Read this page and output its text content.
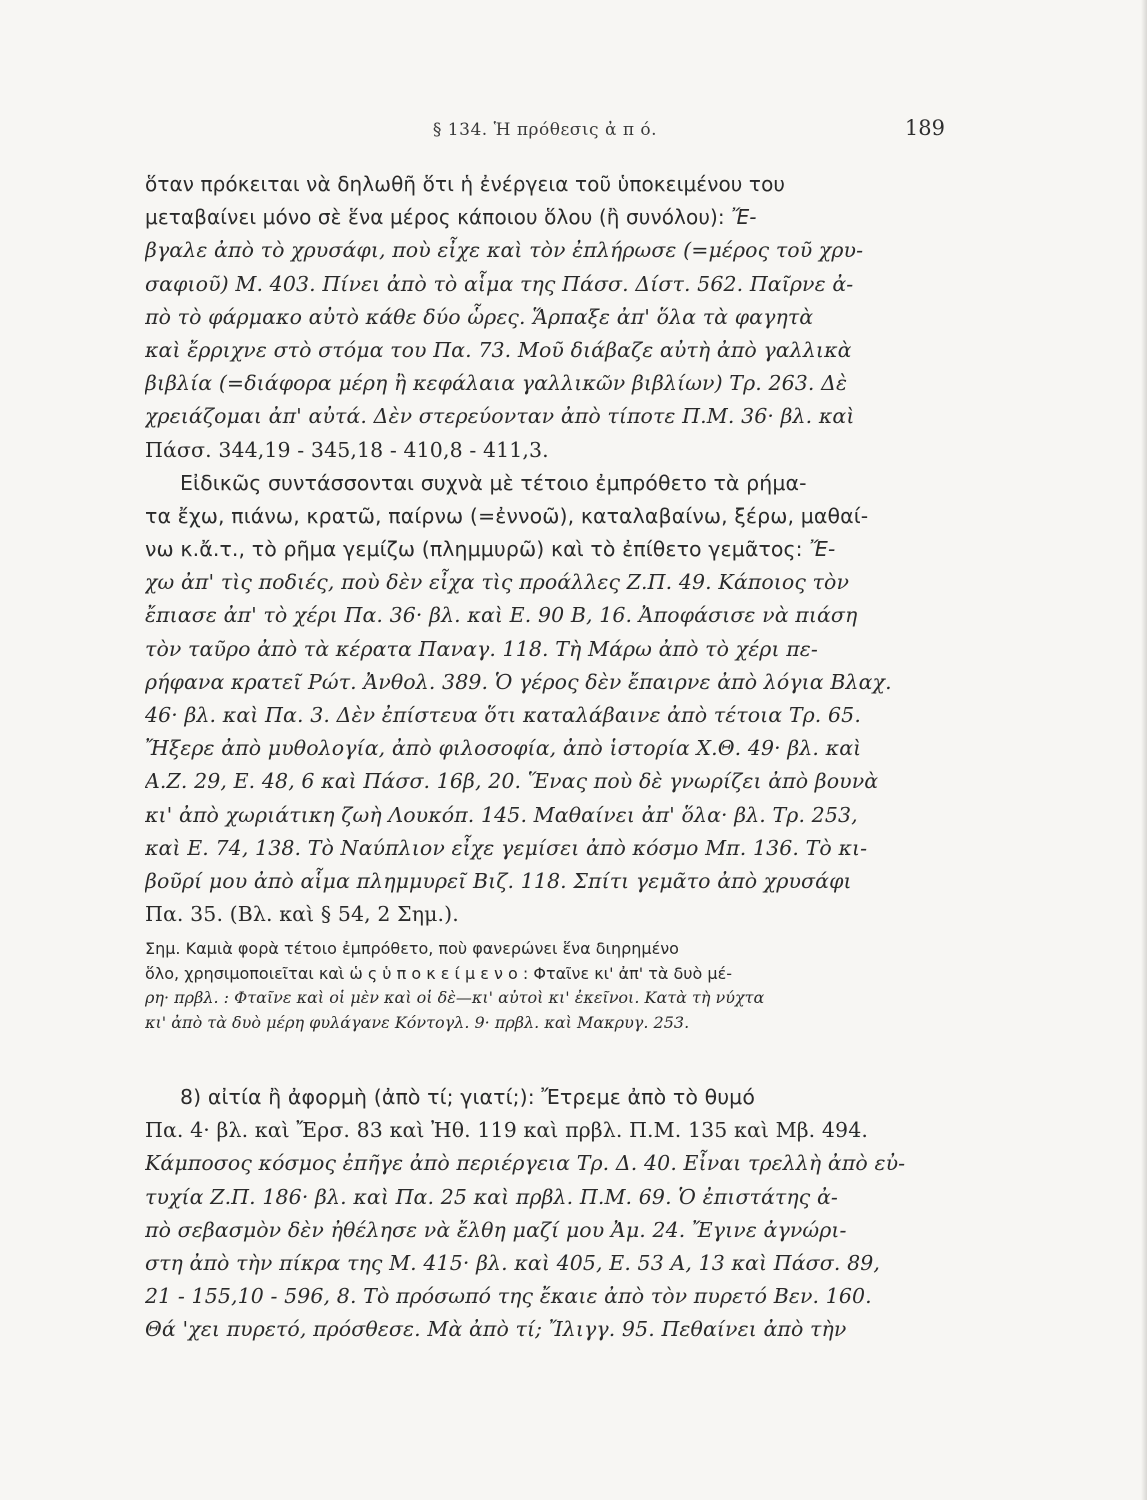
§ 134. Ἡ πρόθεσις ἀ π ό.	189
ὅταν πρόκειται νὰ δηλωθῆ ὅτι ἡ ἐνέργεια τοῦ ὑποκειμένου του
μεταβαίνει μόνο σὲ ἕνα μέρος κάποιου ὅλου (ἢ συνόλου): Ἔ-
βγαλε ἀπὸ τὸ χρυσάφι, ποὺ εἶχε καὶ τὸν ἐπλήρωσε (=μέρος τοῦ χρυ-
σαφιοῦ) Μ. 403. Πίνει ἀπὸ τὸ αἷμα της Πάσσ. Δίστ. 562. Παῖρνε ἀ-
πὸ τὸ φάρμακο αὐτὸ κάθε δύο ὧρες. Ἅρπαξε ἀπ' ὅλα τὰ φαγητὰ
καὶ ἔρριχνε στὸ στόμα του Πα. 73. Μοῦ διάβαζε αὐτὴ ἀπὸ γαλλικὰ
βιβλία (=διάφορα μέρη ἢ κεφάλαια γαλλικῶν βιβλίων) Τρ. 263. Δὲ
χρειάζομαι ἀπ' αὐτά. Δὲν στερεύονταν ἀπὸ τίποτε Π.Μ. 36· βλ. καὶ
Πάσσ. 344,19 - 345,18 - 410,8 - 411,3.
Εἰδικῶς συντάσσονται συχνὰ μὲ τέτοιο ἐμπρόθετο τὰ ρήμα-
τα ἔχω, πιάνω, κρατῶ, παίρνω (=ἐννοῶ), καταλαβαίνω, ξέρω, μαθαί-
νω κ.ἄ.τ., τὸ ρῆμα γεμίζω (πλημμυρῶ) καὶ τὸ ἐπίθετο γεμᾶτος: Ἔ-
χω ἀπ' τὶς ποδιές, ποὺ δὲν εἶχα τὶς προάλλες Ζ.Π. 49. Κάποιος τὸν
ἔπιασε ἀπ' τὸ χέρι Πα. 36· βλ. καὶ Ε. 90 Β, 16. Ἀποφάσισε νὰ πιάση
τὸν ταῦρο ἀπὸ τὰ κέρατα Παναγ. 118. Τὴ Μάρω ἀπὸ τὸ χέρι πε-
ρήφανα κρατεῖ Ρώτ. Ἀνθολ. 389. Ὁ γέρος δὲν ἔπαιρνε ἀπὸ λόγια Βλαχ.
46· βλ. καὶ Πα. 3. Δὲν ἐπίστευα ὅτι καταλάβαινε ἀπὸ τέτοια Τρ. 65.
Ἤξερε ἀπὸ μυθολογία, ἀπὸ φιλοσοφία, ἀπὸ ἱστορία Χ.Θ. 49· βλ. καὶ
Α.Ζ. 29, Ε. 48, 6 καὶ Πάσσ. 16β, 20. Ἕνας ποὺ δὲ γνωρίζει ἀπὸ βουνὰ
κι' ἀπὸ χωριάτικη ζωὴ Λουκόπ. 145. Μαθαίνει ἀπ' ὅλα· βλ. Τρ. 253,
καὶ Ε. 74, 138. Τὸ Ναύπλιον εἶχε γεμίσει ἀπὸ κόσμο Μπ. 136. Τὸ κι-
βοῦρί μου ἀπὸ αἷμα πλημμυρεῖ Βιζ. 118. Σπίτι γεμᾶτο ἀπὸ χρυσάφι
Πα. 35. (Βλ. καὶ § 54, 2 Σημ.).
Σημ. Καμιὰ φορὰ τέτοιο ἐμπρόθετο, ποὺ φανερώνει ἕνα διηρημένο
ὅλο, χρησιμοποιεῖται καὶ ὡ ς ὑ π ο κ ε ί μ ε ν ο : Φταῖνε κι' ἀπ' τὰ δυὸ μέ-
ρη· πρβλ. : Φταῖνε καὶ οἱ μὲν καὶ οἱ δὲ—κι' αὐτοὶ κι' ἐκεῖνοι. Κατὰ τὴ νύχτα
κι' ἀπὸ τὰ δυὸ μέρη φυλάγανε Κόντογλ. 9· πρβλ. καὶ Μακρυγ. 253.
8) αἰτία ἢ ἀφορμὴ (ἀπὸ τί; γιατί;): Ἔτρεμε ἀπὸ τὸ θυμό
Πα. 4· βλ. καὶ Ἔρσ. 83 καὶ Ἠθ. 119 καὶ πρβλ. Π.Μ. 135 καὶ Μβ. 494.
Κάμποσος κόσμος ἐπῆγε ἀπὸ περιέργεια Τρ. Δ. 40. Εἶναι τρελλὴ ἀπὸ εὐ-
τυχία Ζ.Π. 186· βλ. καὶ Πα. 25 καὶ πρβλ. Π.Μ. 69. Ὁ ἐπιστάτης ἀ-
πὸ σεβασμὸν δὲν ἠθέλησε νὰ ἔλθη μαζί μου Ἀμ. 24. Ἔγινε ἀγνώρι-
στη ἀπὸ τὴν πίκρα της Μ. 415· βλ. καὶ 405, Ε. 53 Α, 13 καὶ Πάσσ. 89,
21 - 155,10 - 596, 8. Τὸ πρόσωπό της ἔκαιε ἀπὸ τὸν πυρετό Βεν. 160.
Θά 'χει πυρετό, πρόσθεσε. Μὰ ἀπὸ τί; Ἴλιγγ. 95. Πεθαίνει ἀπὸ τὴν
